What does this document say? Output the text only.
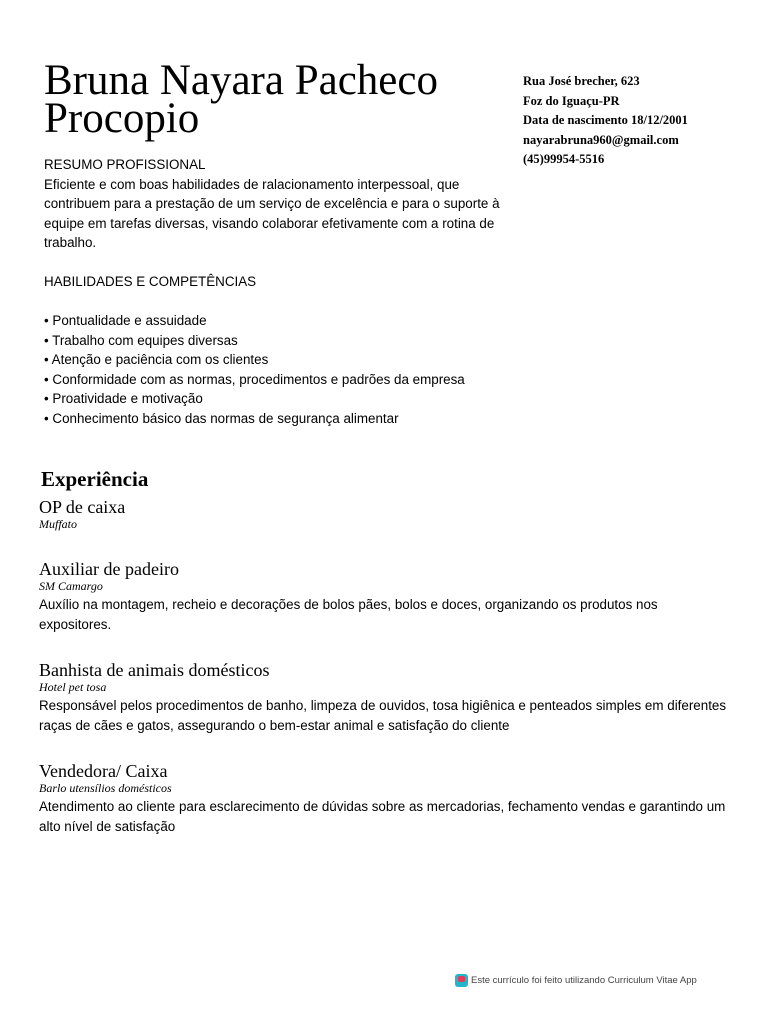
Bruna Nayara Pacheco
Procopio
Rua José brecher, 623
Foz do Iguaçu-PR
Data de nascimento 18/12/2001
nayarabruna960@gmail.com
(45)99954-5516
RESUMO PROFISSIONAL
Eficiente e com boas habilidades de ralacionamento interpessoal, que contribuem para a prestação de um serviço de excelência e para o suporte à equipe em tarefas diversas, visando colaborar efetivamente com a rotina de trabalho.
HABILIDADES E COMPETÊNCIAS
• Pontualidade e assuidade
• Trabalho com equipes diversas
• Atenção e paciência com os clientes
• Conformidade com as normas, procedimentos e padrões da empresa
• Proatividade e motivação
• Conhecimento básico das normas de segurança alimentar
Experiência
OP de caixa
Muffato
Auxiliar de padeiro
SM Camargo
Auxílio na montagem, recheio e decorações de bolos pães, bolos e doces, organizando os produtos nos expositores.
Banhista de animais domésticos
Hotel pet tosa
Responsável pelos procedimentos de banho, limpeza de ouvidos, tosa higiênica e penteados simples em diferentes raças de cães e gatos, assegurando o bem-estar animal e satisfação do cliente
Vendedora/ Caixa
Barlo utensílios domésticos
Atendimento ao cliente para esclarecimento de dúvidas sobre as mercadorias, fechamento vendas e garantindo um alto nível de satisfação
Este currículo foi feito utilizando Curriculum Vitae App
